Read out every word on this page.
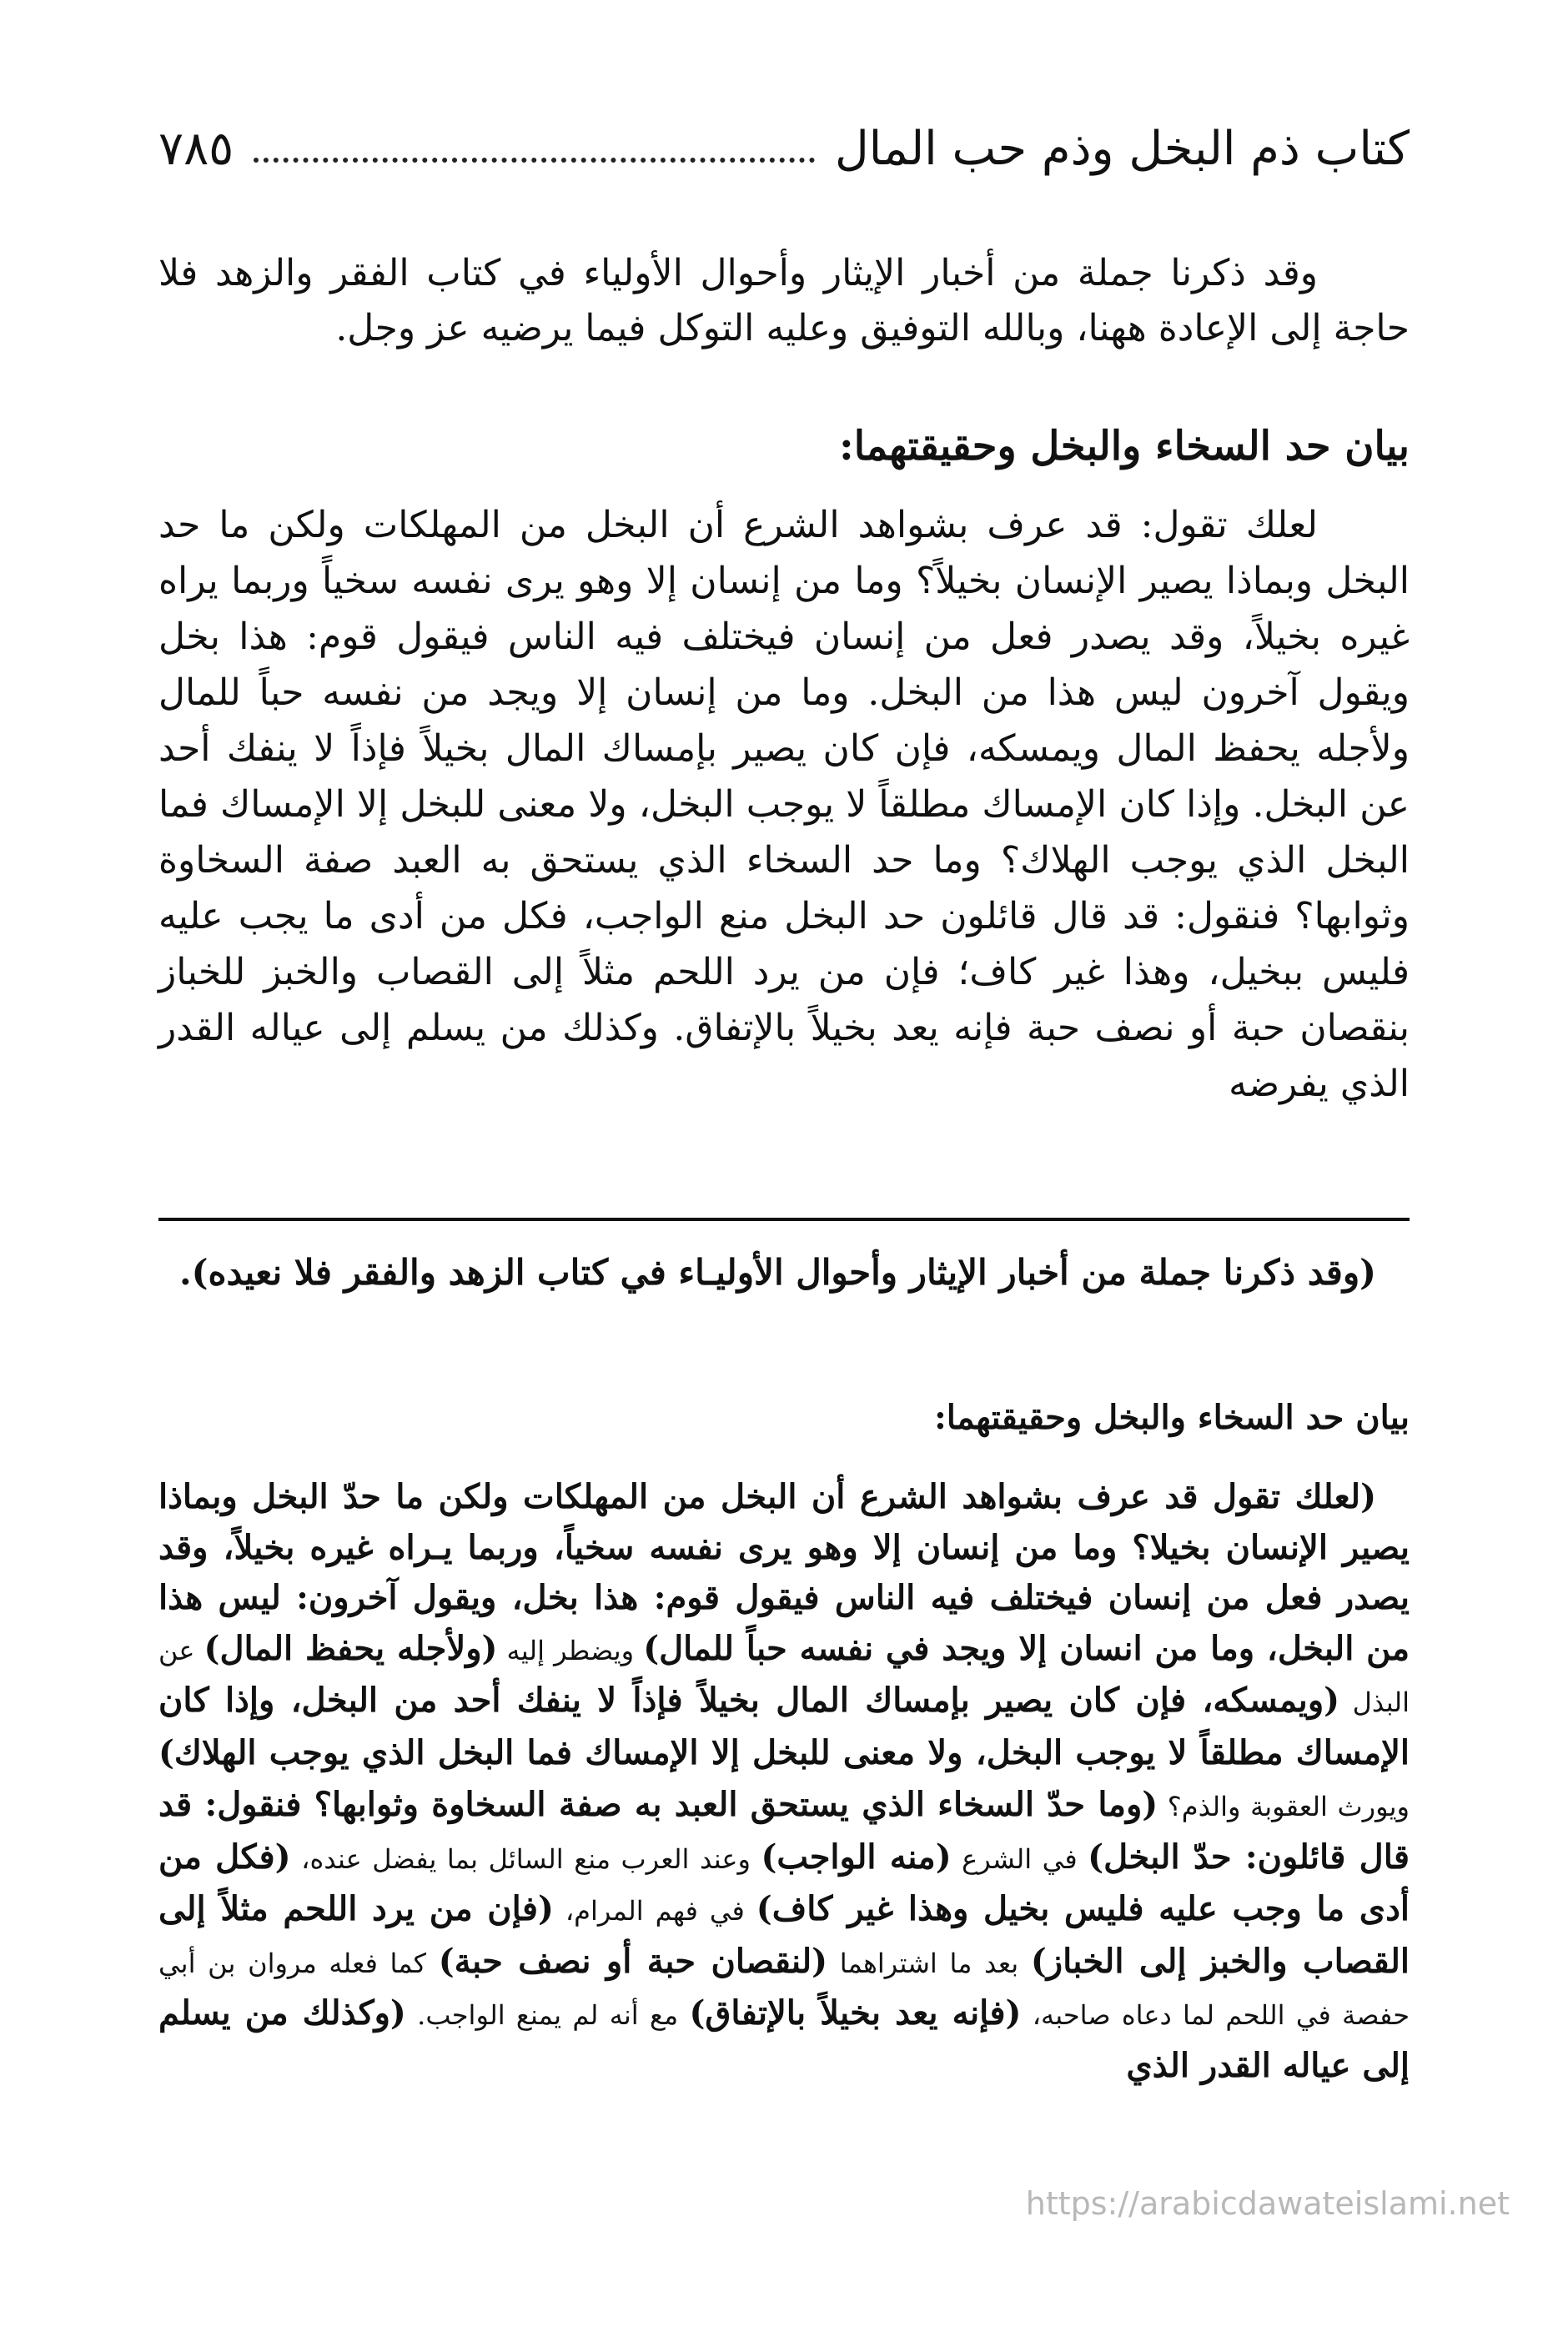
كتاب ذم البخل وذم حب المال
٧٨٥

وقد ذكرنا جملة من أخبار الإيثار وأحوال الأولياء في كتاب الفقر والزهد فلا حاجة إلى الإعادة ههنا، وبالله التوفيق وعليه التوكل فيما يرضيه عز وجل.

بيان حد السخاء والبخل وحقيقتهما:

لعلك تقول: قد عرف بشواهد الشرع أن البخل من المهلكات ولكن ما حد البخل وبماذا يصير الإنسان بخيلاً؟ وما من إنسان إلا وهو يرى نفسه سخياً وربما يراه غيره بخيلاً، وقد يصدر فعل من إنسان فيختلف فيه الناس فيقول قوم: هذا بخل ويقول آخرون ليس هذا من البخل. وما من إنسان إلا ويجد من نفسه حباً للمال ولأجله يحفظ المال ويمسكه، فإن كان يصير بإمساك المال بخيلاً فإذاً لا ينفك أحد عن البخل. وإذا كان الإمساك مطلقاً لا يوجب البخل، ولا معنى للبخل إلا الإمساك فما البخل الذي يوجب الهلاك؟ وما حد السخاء الذي يستحق به العبد صفة السخاوة وثوابها؟ فنقول: قد قال قائلون حد البخل منع الواجب، فكل من أدى ما يجب عليه فليس ببخيل، وهذا غير كاف؛ فإن من يرد اللحم مثلاً إلى القصاب والخبز للخباز بنقصان حبة أو نصف حبة فإنه يعد بخيلاً بالإتفاق. وكذلك من يسلم إلى عياله القدر الذي يفرضه

(وقد ذكرنا جملة من أخبار الإيثار وأحوال الأوليـاء في كتاب الزهد والفقر فلا نعيده).

بيان حد السخاء والبخل وحقيقتهما:

(لعلك تقول قد عرف بشواهد الشرع أن البخل من المهلكات ولكن ما حدّ البخل وبماذا يصير الإنسان بخيلا؟ وما من إنسان إلا وهو يرى نفسه سخياً، وربما يـراه غيره بخيلاً، وقد يصدر فعل من إنسان فيختلف فيه الناس فيقول قوم: هذا بخل، ويقول آخرون: ليس هذا من البخل، وما من انسان إلا ويجد في نفسه حباً للمال) ويضطر إليه (ولأجله يحفظ المال) عن البذل (ويمسكه، فإن كان يصير بإمساك المال بخيلاً فإذاً لا ينفك أحد من البخل، وإذا كان الإمساك مطلقاً لا يوجب البخل، ولا معنى للبخل إلا الإمساك فما البخل الذي يوجب الهلاك) ويورث العقوبة والذم؟ (وما حدّ السخاء الذي يستحق العبد به صفة السخاوة وثوابها؟ فنقول: قد قال قائلون: حدّ البخل) في الشرع (منه الواجب) وعند العرب منع السائل بما يفضل عنده، (فكل من أدى ما وجب عليه فليس بخيل وهذا غير كاف) في فهم المرام، (فإن من يرد اللحم مثلاً إلى القصاب والخبز إلى الخباز) بعد ما اشتراهما (لنقصان حبة أو نصف حبة) كما فعله مروان بن أبي حفصة في اللحم لما دعاه صاحبه، (فإنه يعد بخيلاً بالإتفاق) مع أنه لم يمنع الواجب. (وكذلك من يسلم إلى عياله القدر الذي

https://arabicdawateislami.net
